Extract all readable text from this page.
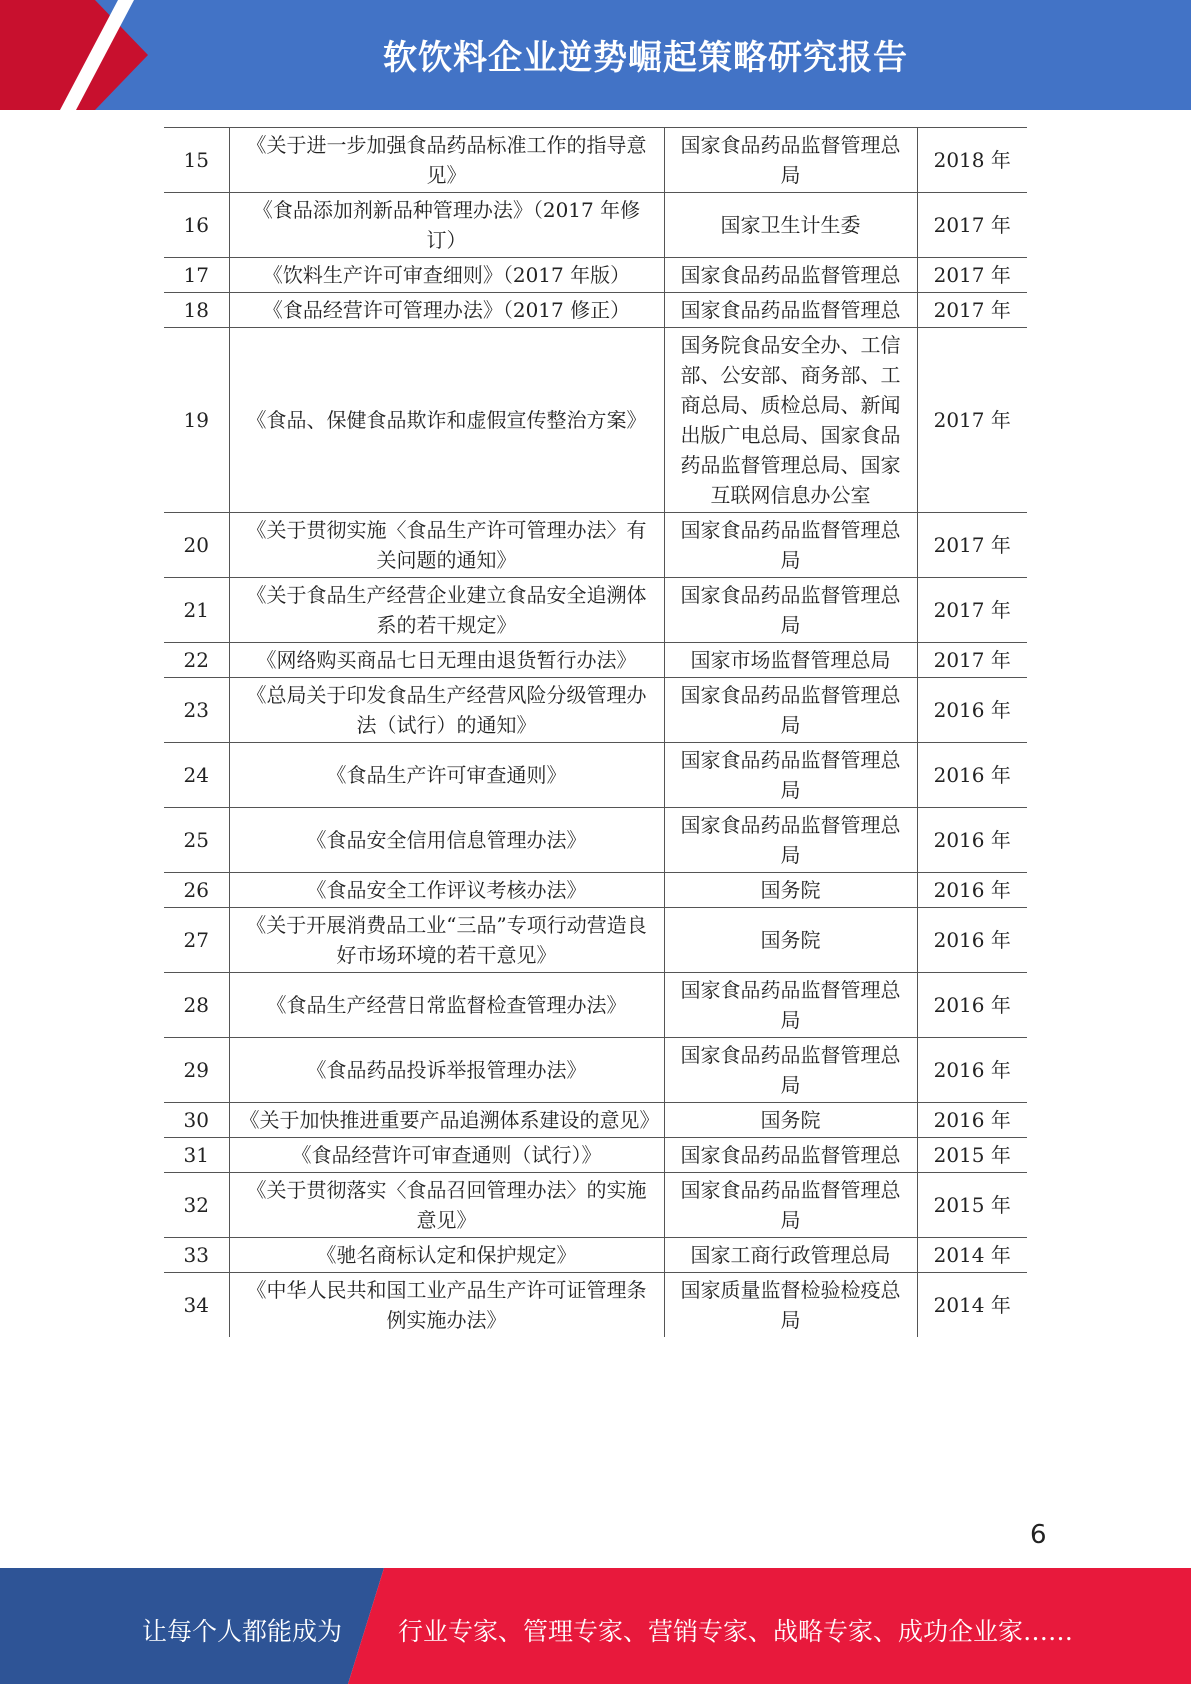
软饮料企业逆势崛起策略研究报告
15	《关于进一步加强食品药品标准工作的指导意见》	国家食品药品监督管理总局	2018 年
16	《食品添加剂新品种管理办法》（2017 年修订）	国家卫生计生委	2017 年
17	《饮料生产许可审查细则》（2017 年版）	国家食品药品监督管理总	2017 年
18	《食品经营许可管理办法》（2017 修正）	国家食品药品监督管理总	2017 年
19	《食品、保健食品欺诈和虚假宣传整治方案》	国务院食品安全办、工信部、公安部、商务部、工商总局、质检总局、新闻出版广电总局、国家食品药品监督管理总局、国家互联网信息办公室	2017 年
20	《关于贯彻实施〈食品生产许可管理办法〉有关问题的通知》	国家食品药品监督管理总局	2017 年
21	《关于食品生产经营企业建立食品安全追溯体系的若干规定》	国家食品药品监督管理总局	2017 年
22	《网络购买商品七日无理由退货暂行办法》	国家市场监督管理总局	2017 年
23	《总局关于印发食品生产经营风险分级管理办法（试行）的通知》	国家食品药品监督管理总局	2016 年
24	《食品生产许可审查通则》	国家食品药品监督管理总局	2016 年
25	《食品安全信用信息管理办法》	国家食品药品监督管理总局	2016 年
26	《食品安全工作评议考核办法》	国务院	2016 年
27	《关于开展消费品工业“三品”专项行动营造良好市场环境的若干意见》	国务院	2016 年
28	《食品生产经营日常监督检查管理办法》	国家食品药品监督管理总局	2016 年
29	《食品药品投诉举报管理办法》	国家食品药品监督管理总局	2016 年
30	《关于加快推进重要产品追溯体系建设的意见》	国务院	2016 年
31	《食品经营许可审查通则（试行）》	国家食品药品监督管理总	2015 年
32	《关于贯彻落实〈食品召回管理办法〉的实施意见》	国家食品药品监督管理总局	2015 年
33	《驰名商标认定和保护规定》	国家工商行政管理总局	2014 年
34	《中华人民共和国工业产品生产许可证管理条例实施办法》	国家质量监督检验检疫总局	2014 年
6
让每个人都能成为 行业专家、管理专家、营销专家、战略专家、成功企业家……
